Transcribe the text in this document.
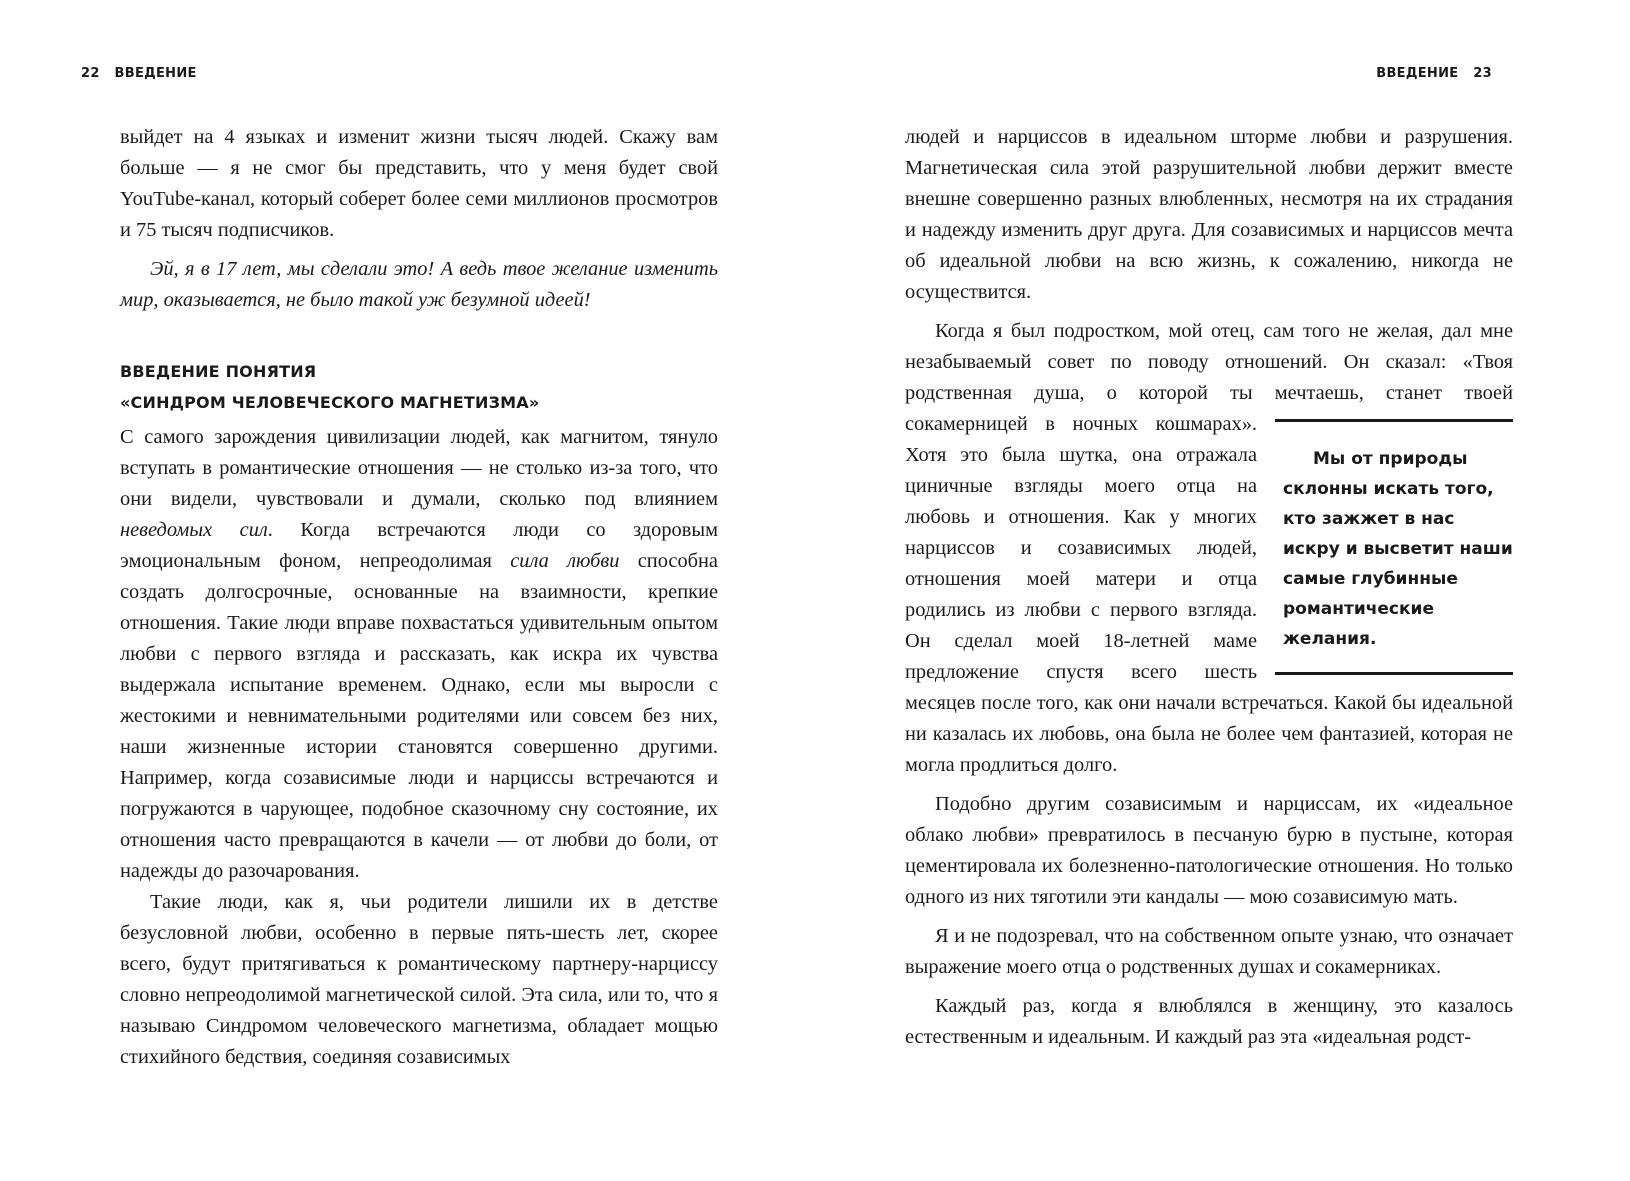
22 ВВЕДЕНИЕ

выйдет на 4 языках и изменит жизни тысяч людей. Скажу вам больше — я не смог бы представить, что у меня будет свой YouTube-канал, который соберет более семи миллионов просмотров и 75 тысяч подписчиков.

Эй, я в 17 лет, мы сделали это! А ведь твое желание изменить мир, оказывается, не было такой уж безумной идеей!

ВВЕДЕНИЕ ПОНЯТИЯ
«СИНДРОМ ЧЕЛОВЕЧЕСКОГО МАГНЕТИЗМА»

С самого зарождения цивилизации людей, как магнитом, тянуло вступать в романтические отношения — не столько из-за того, что они видели, чувствовали и думали, сколько под влиянием неведомых сил. Когда встречаются люди со здоровым эмоциональным фоном, непреодолимая сила любви способна создать долгосрочные, основанные на взаимности, крепкие отношения. Такие люди вправе похвастаться удивительным опытом любви с первого взгляда и рассказать, как искра их чувства выдержала испытание временем. Однако, если мы выросли с жестокими и невнимательными родителями или совсем без них, наши жизненные истории становятся совершенно другими. Например, когда созависимые люди и нарциссы встречаются и погружаются в чарующее, подобное сказочному сну состояние, их отношения часто превращаются в качели — от любви до боли, от надежды до разочарования.

Такие люди, как я, чьи родители лишили их в детстве безусловной любви, особенно в первые пять-шесть лет, скорее всего, будут притягиваться к романтическому партнеру-нарциссу словно непреодолимой магнетической силой. Эта сила, или то, что я называю Синдромом человеческого магнетизма, обладает мощью стихийного бедствия, соединяя созависимых

ВВЕДЕНИЕ 23

людей и нарциссов в идеальном шторме любви и разрушения. Магнетическая сила этой разрушительной любви держит вместе внешне совершенно разных влюбленных, несмотря на их страдания и надежду изменить друг друга. Для созависимых и нарциссов мечта об идеальной любви на всю жизнь, к сожалению, никогда не осуществится.

Когда я был подростком, мой отец, сам того не желая, дал мне незабываемый совет по поводу отношений. Он сказал: «Твоя родственная душа, о которой ты мечтаешь, станет твоей
Мы от природы склонны искать того, кто зажжет в нас искру и высветит наши самые глубинные романтические желания.
сокамерницей в ночных кошмарах». Хотя это была шутка, она отражала циничные взгляды моего отца на любовь и отношения. Как у многих нарциссов и созависимых людей, отношения моей матери и отца родились из любви с первого взгляда. Он сделал моей 18-летней маме предложение спустя всего шесть месяцев после того, как они начали встречаться. Какой бы идеальной ни казалась их любовь, она была не более чем фантазией, которая не могла продлиться долго.

Подобно другим созависимым и нарциссам, их «идеальное облако любви» превратилось в песчаную бурю в пустыне, которая цементировала их болезненно-патологические отношения. Но только одного из них тяготили эти кандалы — мою созависимую мать.

Я и не подозревал, что на собственном опыте узнаю, что означает выражение моего отца о родственных душах и сокамерниках.

Каждый раз, когда я влюблялся в женщину, это казалось естественным и идеальным. И каждый раз эта «идеальная родст-
